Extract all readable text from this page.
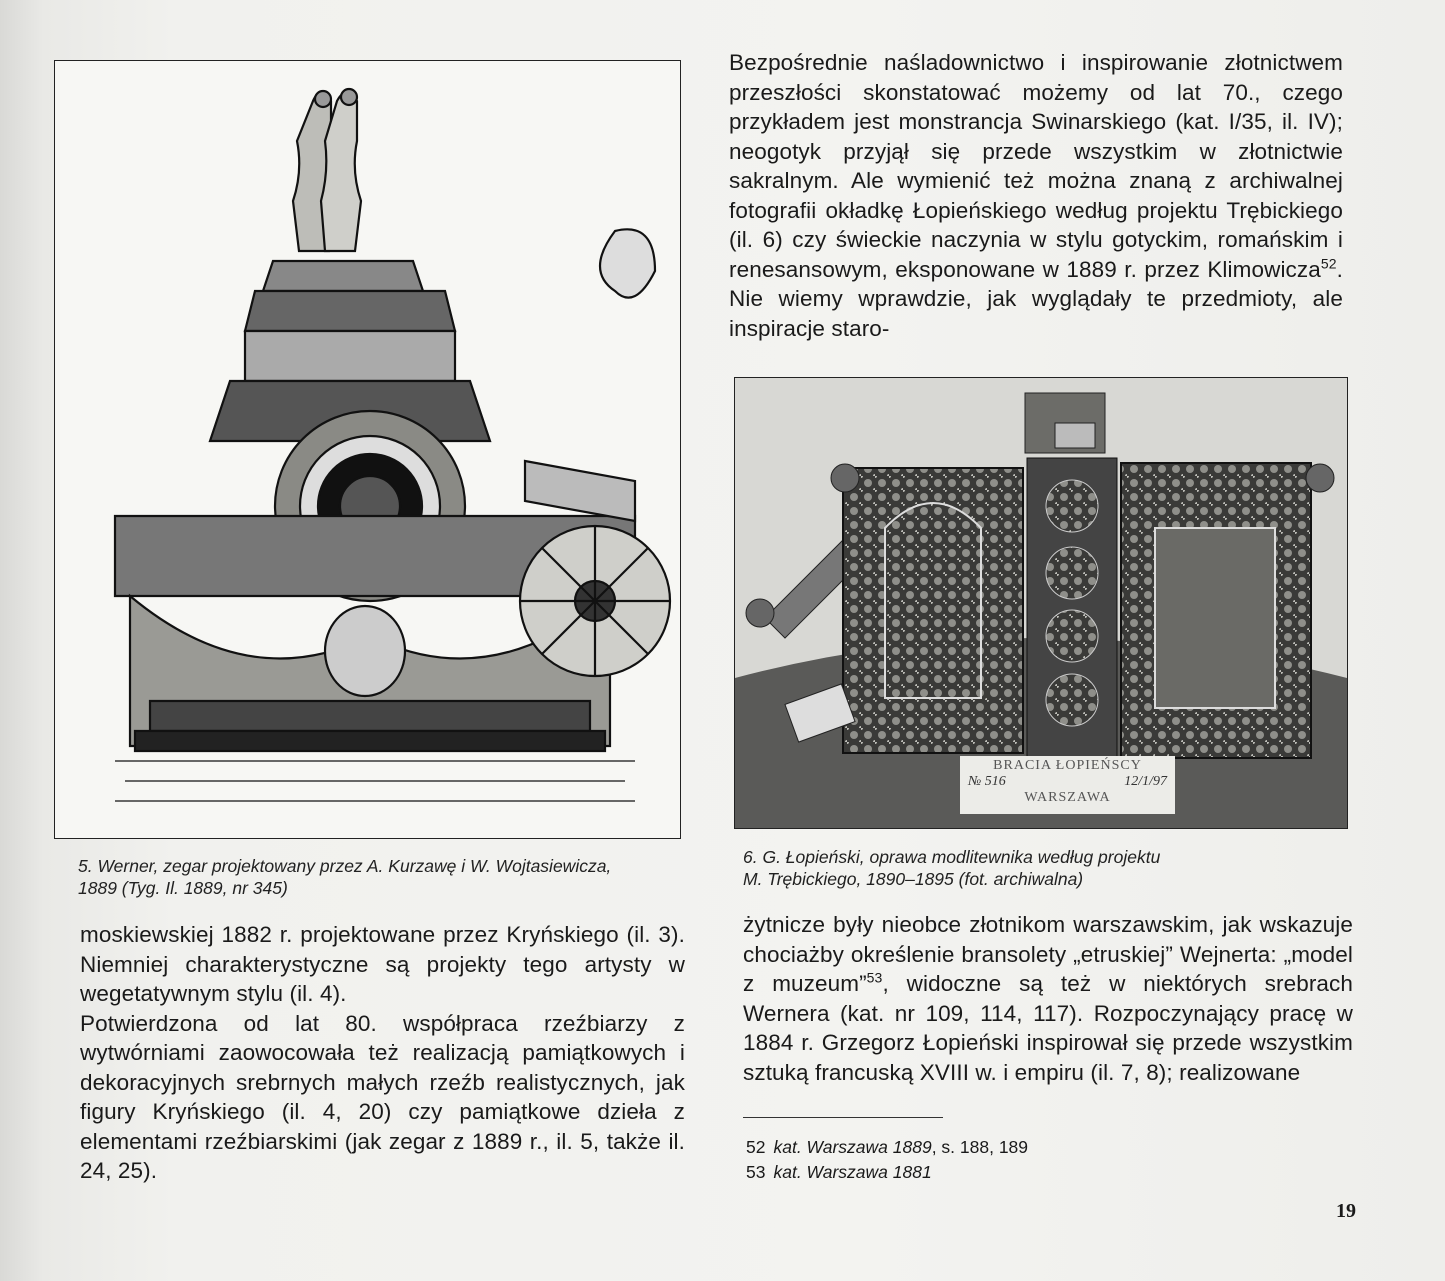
Bezpośrednie naśladownictwo i inspirowanie złotnictwem przeszłości skonstatować możemy od lat 70., czego przykładem jest monstrancja Swinarskiego (kat. I/35, il. IV); neogotyk przyjął się przede wszystkim w złotnictwie sakralnym. Ale wymienić też można znaną z archiwalnej fotografii okładkę Łopieńskiego według projektu Trębickiego (il. 6) czy świeckie naczynia w stylu gotyckim, romańskim i renesansowym, eksponowane w 1889 r. przez Klimowicza$^{52}$. Nie wiemy wprawdzie, jak wyglądały te przedmioty, ale inspiracje staro-

5. Werner, zegar projektowany przez A. Kurzawę i W. Wojtasiewicza,
1889 (Tyg. Il. 1889, nr 345)
BRACIA ŁOPIEŃSCY
№ 516	12/1/97
WARSZAWA
6. G. Łopieński, oprawa modlitewnika według projektu
M. Trębickiego, 1890–1895 (fot. archiwalna)

moskiewskiej 1882 r. projektowane przez Kryńskiego (il. 3). Niemniej charakterystyczne są projekty tego artysty w wegetatywnym stylu (il. 4).

Potwierdzona od lat 80. współpraca rzeźbiarzy z wytwórniami zaowocowała też realizacją pamiątkowych i dekoracyjnych srebrnych małych rzeźb realistycznych, jak figury Kryńskiego (il. 4, 20) czy pamiątkowe dzieła z elementami rzeźbiarskimi (jak zegar z 1889 r., il. 5, także il. 24, 25).

żytnicze były nieobce złotnikom warszawskim, jak wskazuje chociażby określenie bransolety „etruskiej” Wejnerta: „model z muzeum”$^{53}$, widoczne są też w niektórych srebrach Wernera (kat. nr 109, 114, 117). Rozpoczynający pracę w 1884 r. Grzegorz Łopieński inspirował się przede wszystkim sztuką francuską XVIII w. i empiru (il. 7, 8); realizowane

52 kat. Warszawa 1889, s. 188, 189
53 kat. Warszawa 1881
19
